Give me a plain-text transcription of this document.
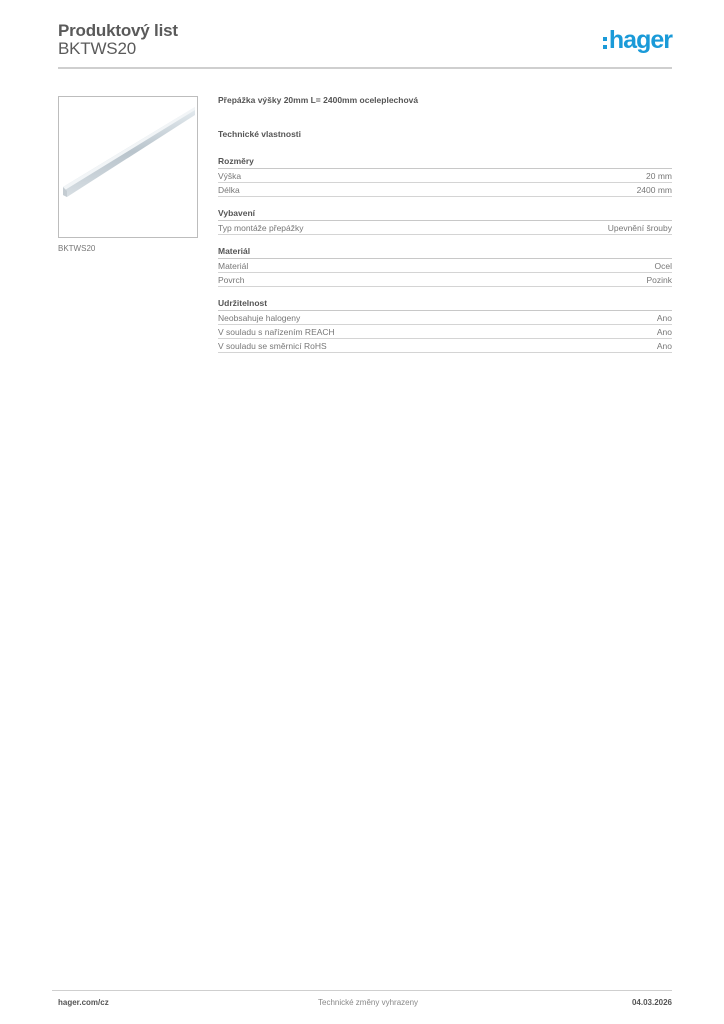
Produktový list
BKTWS20	hager
BKTWS20
Přepážka výšky 20mm L= 2400mm oceleplechová
Technické vlastnosti
Rozměry
Výška	20 mm
Délka	2400 mm
Vybavení
Typ montáže přepážky	Upevnění šrouby
Materiál
Materiál	Ocel
Povrch	Pozink
Udržitelnost
Neobsahuje halogeny	Ano
V souladu s nařízením REACH	Ano
V souladu se směrnicí RoHS	Ano
hager.com/cz	Technické změny vyhrazeny	04.03.2026
